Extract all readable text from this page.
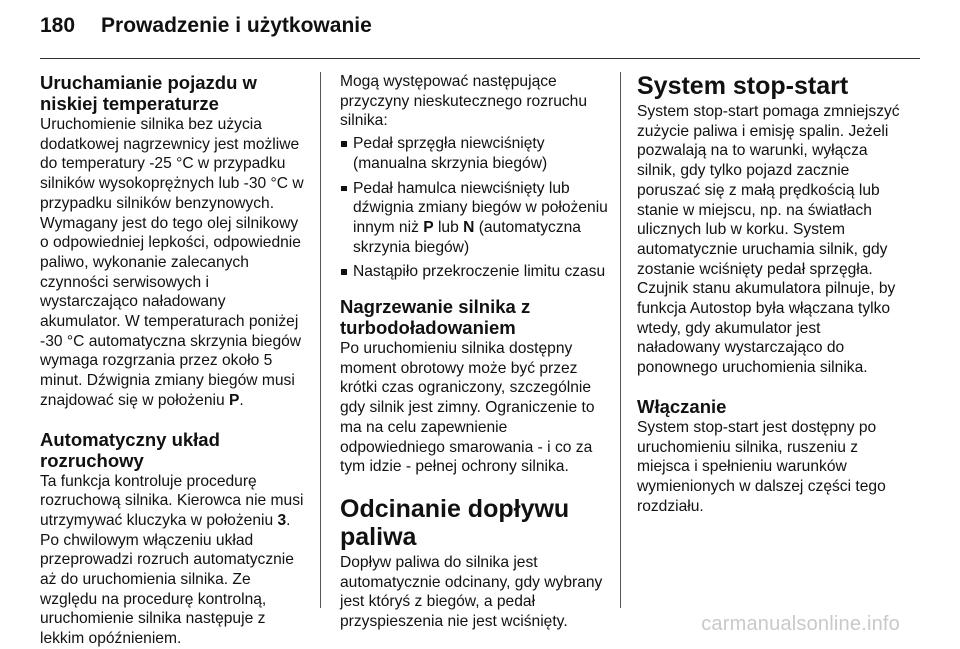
180 Prowadzenie i użytkowanie
Uruchamianie pojazdu w niskiej temperaturze

Uruchomienie silnika bez użycia dodatkowej nagrzewnicy jest możliwe do temperatury -25 °C w przypadku silników wysokoprężnych lub -30 °C w przypadku silników benzynowych. Wymagany jest do tego olej silnikowy o odpowiedniej lepkości, odpowiednie paliwo, wykonanie zalecanych czynności serwisowych i wystarczająco naładowany akumulator. W temperaturach poniżej -30 °C automatyczna skrzynia biegów wymaga rozgrzania przez około 5 minut. Dźwignia zmiany biegów musi znajdować się w położeniu P.

Automatyczny układ rozruchowy

Ta funkcja kontroluje procedurę rozruchową silnika. Kierowca nie musi utrzymywać kluczyka w położeniu 3. Po chwilowym włączeniu układ przeprowadzi rozruch automatycznie aż do uruchomienia silnika. Ze względu na procedurę kontrolną, uruchomienie silnika następuje z lekkim opóźnieniem.

Mogą występować następujące przyczyny nieskutecznego rozruchu silnika:

Pedał sprzęgła niewciśnięty (manualna skrzynia biegów)
Pedał hamulca niewciśnięty lub dźwignia zmiany biegów w położeniu innym niż P lub N (automatyczna skrzynia biegów)
Nastąpiło przekroczenie limitu czasu
Nagrzewanie silnika z turbodoładowaniem

Po uruchomieniu silnika dostępny moment obrotowy może być przez krótki czas ograniczony, szczególnie gdy silnik jest zimny. Ograniczenie to ma na celu zapewnienie odpowiedniego smarowania - i co za tym idzie - pełnej ochrony silnika.

Odcinanie dopływu paliwa

Dopływ paliwa do silnika jest automatycznie odcinany, gdy wybrany jest któryś z biegów, a pedał przyspieszenia nie jest wciśnięty.

System stop-start

System stop-start pomaga zmniejszyć zużycie paliwa i emisję spalin. Jeżeli pozwalają na to warunki, wyłącza silnik, gdy tylko pojazd zacznie poruszać się z małą prędkością lub stanie w miejscu, np. na światłach ulicznych lub w korku. System automatycznie uruchamia silnik, gdy zostanie wciśnięty pedał sprzęgła. Czujnik stanu akumulatora pilnuje, by funkcja Autostop była włączana tylko wtedy, gdy akumulator jest naładowany wystarczająco do ponownego uruchomienia silnika.

Włączanie

System stop-start jest dostępny po uruchomieniu silnika, ruszeniu z miejsca i spełnieniu warunków wymienionych w dalszej części tego rozdziału.

carmanualsonline.info
